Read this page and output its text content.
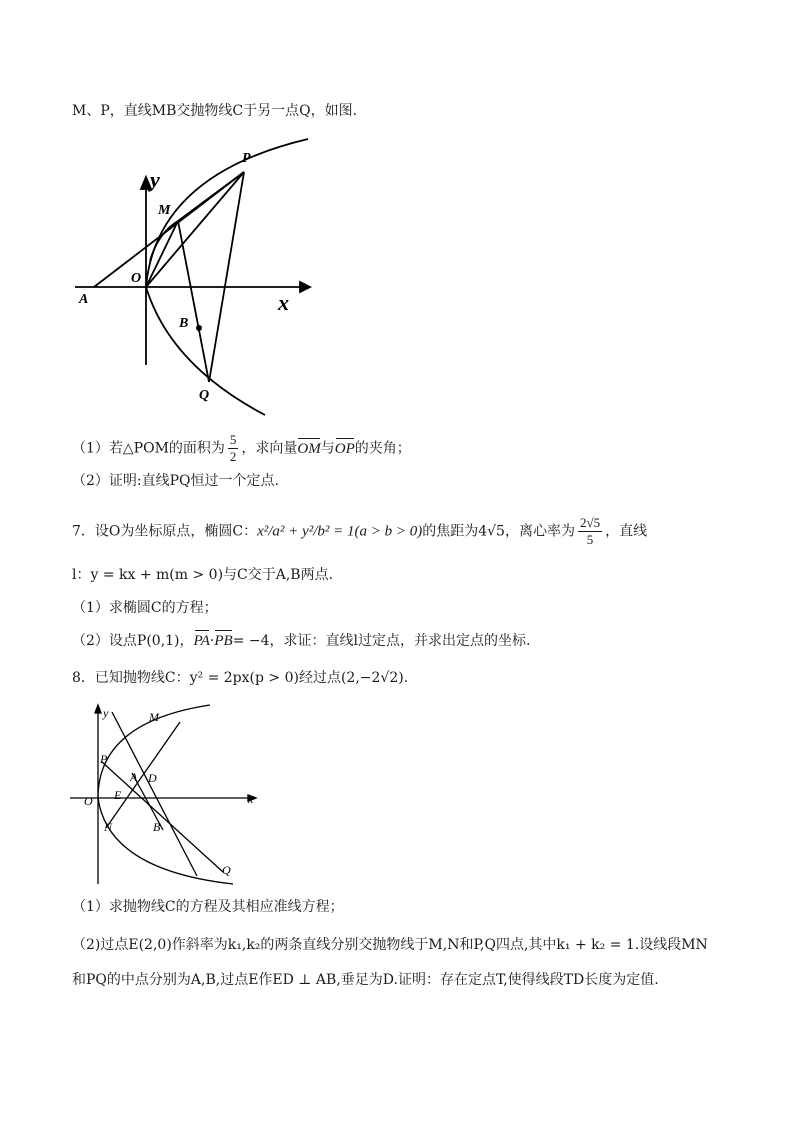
M、P，直线MB交抛物线C于另一点Q，如图.
y
x
P
M
O
A
B
Q
（1）若△POM的面积为 $\frac{5}{2}$ ，求向量OM与OP的夹角；
（2）证明:直线PQ恒过一个定点.
7．设O为坐标原点，椭圆C：x²/a² + y²/b² = 1(a > b > 0)的焦距为4√5，离心率为 $\frac{2√5}{5}$ ，直线
l：y = kx + m(m > 0)与C交于A,B两点.
（1）求椭圆C的方程；
（2）设点P(0,1)，PA·PB= −4，求证：直线l过定点，并求出定点的坐标.
8．已知抛物线C：y² = 2px(p > 0)经过点(2,−2√2).
y
x
M
P
A D
O E
N	B
Q
（1）求抛物线C的方程及其相应准线方程；
（2)过点E(2,0)作斜率为k₁,k₂的两条直线分别交抛物线于M,N和P,Q四点,其中k₁ + k₂ = 1.设线段MN
和PQ的中点分别为A,B,过点E作ED ⊥ AB,垂足为D.证明：存在定点T,使得线段TD长度为定值.
